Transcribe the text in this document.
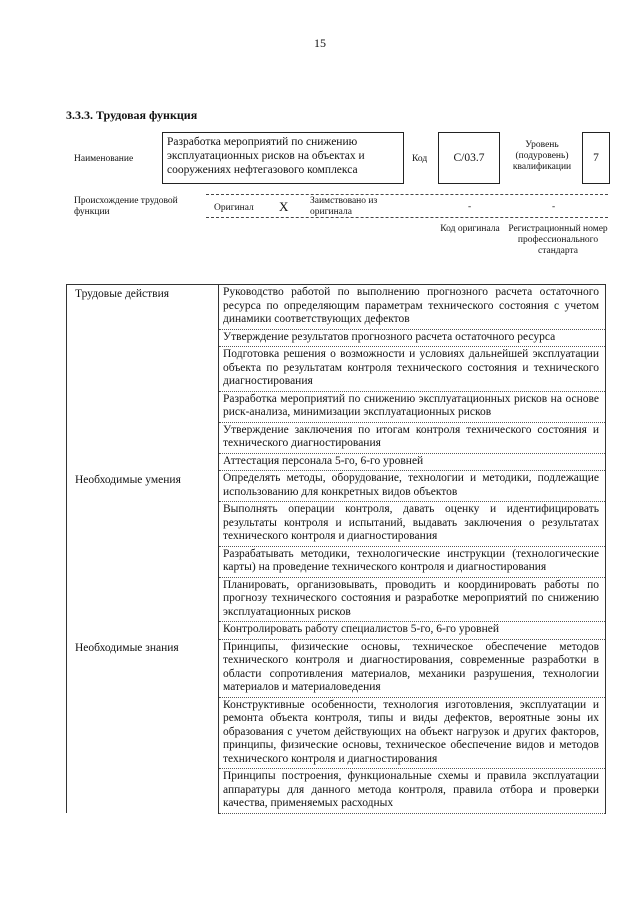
15
3.3.3. Трудовая функция
Наименование
Разработка мероприятий по снижению эксплуатационных рисков на объектах и сооружениях нефтегазового комплекса
Код	С/03.7
Уровень (подуровень) квалификации
7
Происхождение трудовой функции	Оригинал X Заимствовано из оригинала	-	-
Код оригинала Регистрационный номер профессионального стандарта
Трудовые действия	Руководство работой по выполнению прогнозного расчета остаточного ресурса по определяющим параметрам технического состояния с учетом динамики соответствующих дефектов
	Утверждение результатов прогнозного расчета остаточного ресурса
	Подготовка решения о возможности и условиях дальнейшей эксплуатации объекта по результатам контроля технического состояния и технического диагностирования
	Разработка мероприятий по снижению эксплуатационных рисков на основе риск-анализа, минимизации эксплуатационных рисков
	Утверждение заключения по итогам контроля технического состояния и технического диагностирования
	Аттестация персонала 5-го, 6-го уровней
Необходимые умения	Определять методы, оборудование, технологии и методики, подлежащие использованию для конкретных видов объектов
	Выполнять операции контроля, давать оценку и идентифицировать результаты контроля и испытаний, выдавать заключения о результатах технического контроля и диагностирования
	Разрабатывать методики, технологические инструкции (технологические карты) на проведение технического контроля и диагностирования
	Планировать, организовывать, проводить и координировать работы по прогнозу технического состояния и разработке мероприятий по снижению эксплуатационных рисков
	Контролировать работу специалистов 5-го, 6-го уровней
Необходимые знания	Принципы, физические основы, техническое обеспечение методов технического контроля и диагностирования, современные разработки в области сопротивления материалов, механики разрушения, технологии материалов и материаловедения
	Конструктивные особенности, технология изготовления, эксплуатации и ремонта объекта контроля, типы и виды дефектов, вероятные зоны их образования с учетом действующих на объект нагрузок и других факторов, принципы, физические основы, техническое обеспечение видов и методов технического контроля и диагностирования
	Принципы построения, функциональные схемы и правила эксплуатации аппаратуры для данного метода контроля, правила отбора и проверки качества, применяемых расходных
